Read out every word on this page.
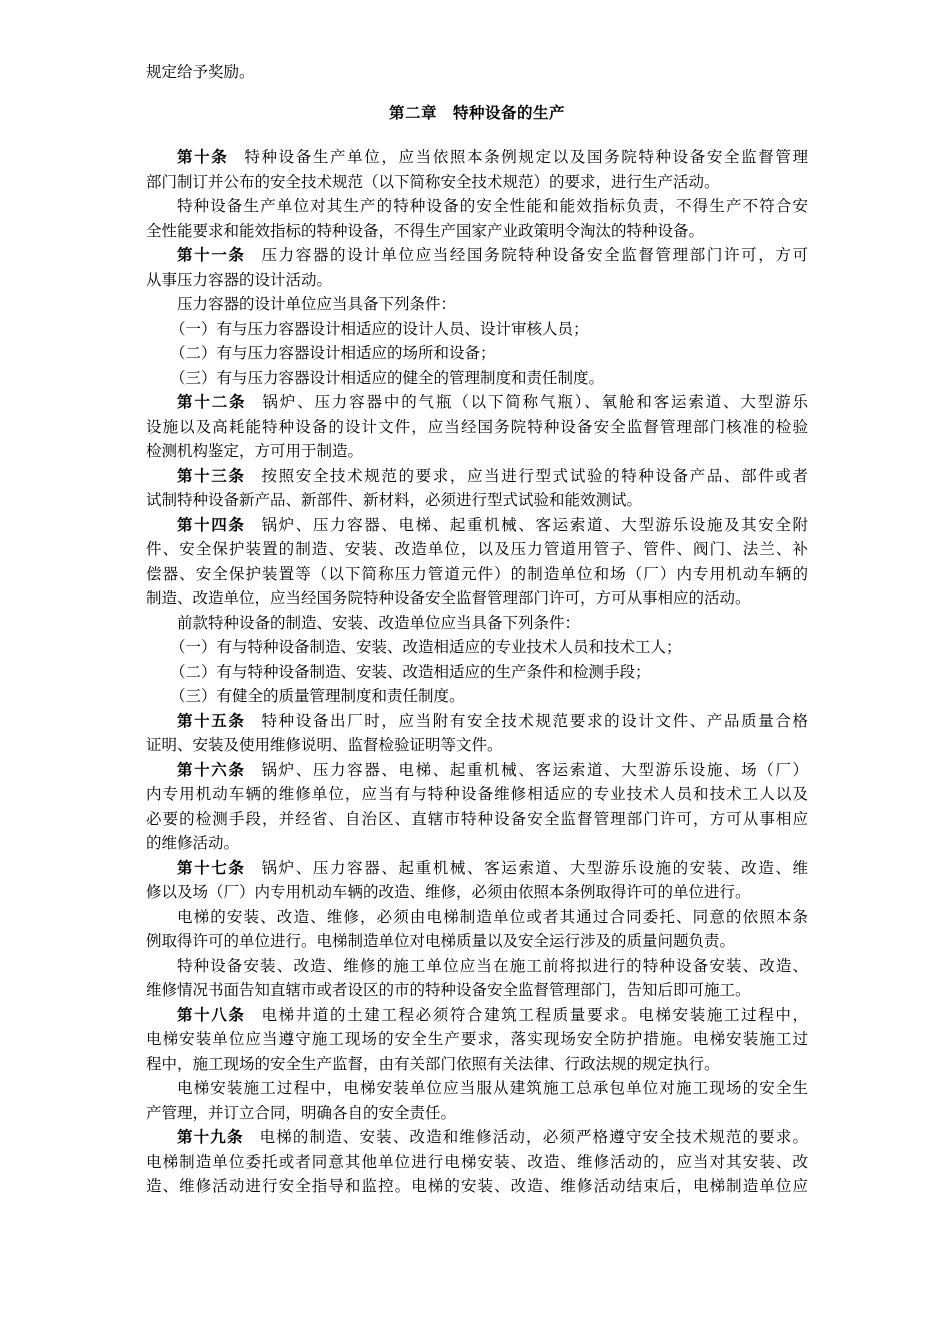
规定给予奖励。
第二章　特种设备的生产
第十条 特种设备生产单位，应当依照本条例规定以及国务院特种设备安全监督管理
部门制订并公布的安全技术规范（以下简称安全技术规范）的要求，进行生产活动。
特种设备生产单位对其生产的特种设备的安全性能和能效指标负责，不得生产不符合安
全性能要求和能效指标的特种设备，不得生产国家产业政策明令淘汰的特种设备。
第十一条 压力容器的设计单位应当经国务院特种设备安全监督管理部门许可，方可
从事压力容器的设计活动。
压力容器的设计单位应当具备下列条件：
（一）有与压力容器设计相适应的设计人员、设计审核人员；
（二）有与压力容器设计相适应的场所和设备；
（三）有与压力容器设计相适应的健全的管理制度和责任制度。
第十二条 锅炉、压力容器中的气瓶（以下简称气瓶）、氧舱和客运索道、大型游乐
设施以及高耗能特种设备的设计文件，应当经国务院特种设备安全监督管理部门核准的检验
检测机构鉴定，方可用于制造。
第十三条 按照安全技术规范的要求，应当进行型式试验的特种设备产品、部件或者
试制特种设备新产品、新部件、新材料，必须进行型式试验和能效测试。
第十四条 锅炉、压力容器、电梯、起重机械、客运索道、大型游乐设施及其安全附
件、安全保护装置的制造、安装、改造单位，以及压力管道用管子、管件、阀门、法兰、补
偿器、安全保护装置等（以下简称压力管道元件）的制造单位和场（厂）内专用机动车辆的
制造、改造单位，应当经国务院特种设备安全监督管理部门许可，方可从事相应的活动。
前款特种设备的制造、安装、改造单位应当具备下列条件：
（一）有与特种设备制造、安装、改造相适应的专业技术人员和技术工人；
（二）有与特种设备制造、安装、改造相适应的生产条件和检测手段；
（三）有健全的质量管理制度和责任制度。
第十五条 特种设备出厂时，应当附有安全技术规范要求的设计文件、产品质量合格
证明、安装及使用维修说明、监督检验证明等文件。
第十六条 锅炉、压力容器、电梯、起重机械、客运索道、大型游乐设施、场（厂）
内专用机动车辆的维修单位，应当有与特种设备维修相适应的专业技术人员和技术工人以及
必要的检测手段，并经省、自治区、直辖市特种设备安全监督管理部门许可，方可从事相应
的维修活动。
第十七条 锅炉、压力容器、起重机械、客运索道、大型游乐设施的安装、改造、维
修以及场（厂）内专用机动车辆的改造、维修，必须由依照本条例取得许可的单位进行。
电梯的安装、改造、维修，必须由电梯制造单位或者其通过合同委托、同意的依照本条
例取得许可的单位进行。电梯制造单位对电梯质量以及安全运行涉及的质量问题负责。
特种设备安装、改造、维修的施工单位应当在施工前将拟进行的特种设备安装、改造、
维修情况书面告知直辖市或者设区的市的特种设备安全监督管理部门，告知后即可施工。
第十八条 电梯井道的土建工程必须符合建筑工程质量要求。电梯安装施工过程中，
电梯安装单位应当遵守施工现场的安全生产要求，落实现场安全防护措施。电梯安装施工过
程中，施工现场的安全生产监督，由有关部门依照有关法律、行政法规的规定执行。
电梯安装施工过程中，电梯安装单位应当服从建筑施工总承包单位对施工现场的安全生
产管理，并订立合同，明确各自的安全责任。
第十九条 电梯的制造、安装、改造和维修活动，必须严格遵守安全技术规范的要求。
电梯制造单位委托或者同意其他单位进行电梯安装、改造、维修活动的，应当对其安装、改
造、维修活动进行安全指导和监控。电梯的安装、改造、维修活动结束后，电梯制造单位应
